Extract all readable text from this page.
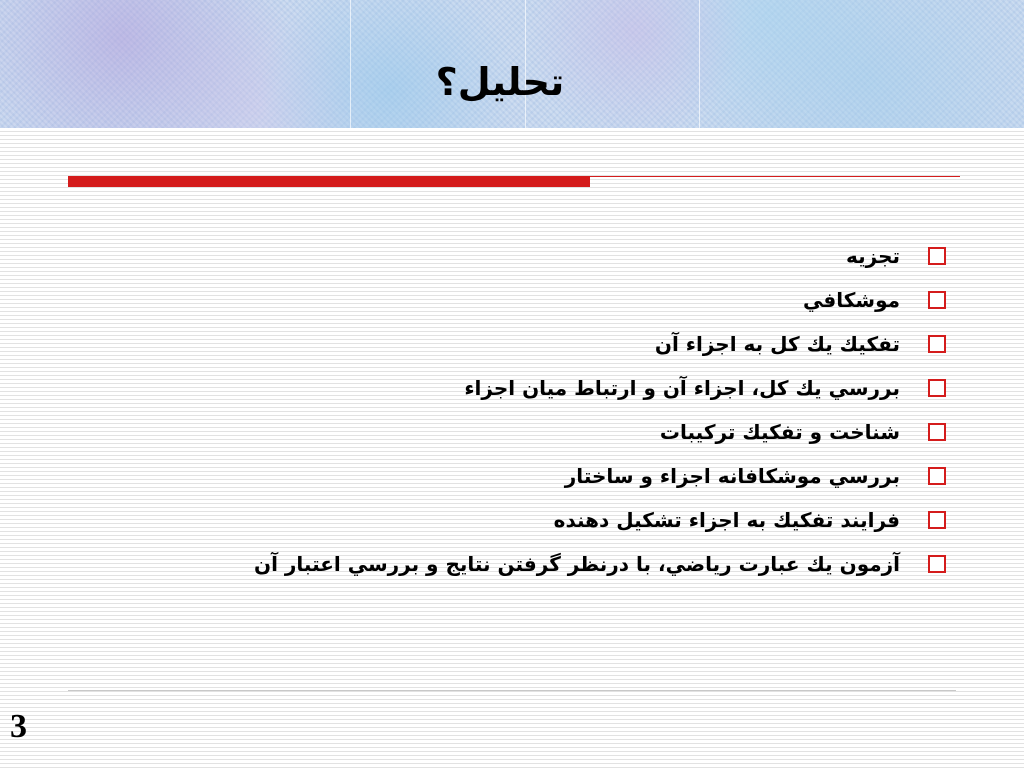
تحليل؟
تجزيه
موشكافي
تفكيك يك كل به اجزاء آن
بررسي يك كل، اجزاء آن و ارتباط ميان اجزاء
شناخت و تفكيك تركيبات
بررسي موشكافانه اجزاء و ساختار
فرايند تفكيك به اجزاء تشكيل دهنده
آزمون يك عبارت رياضي، با درنظر گرفتن نتايج و بررسي اعتبار آن
3
